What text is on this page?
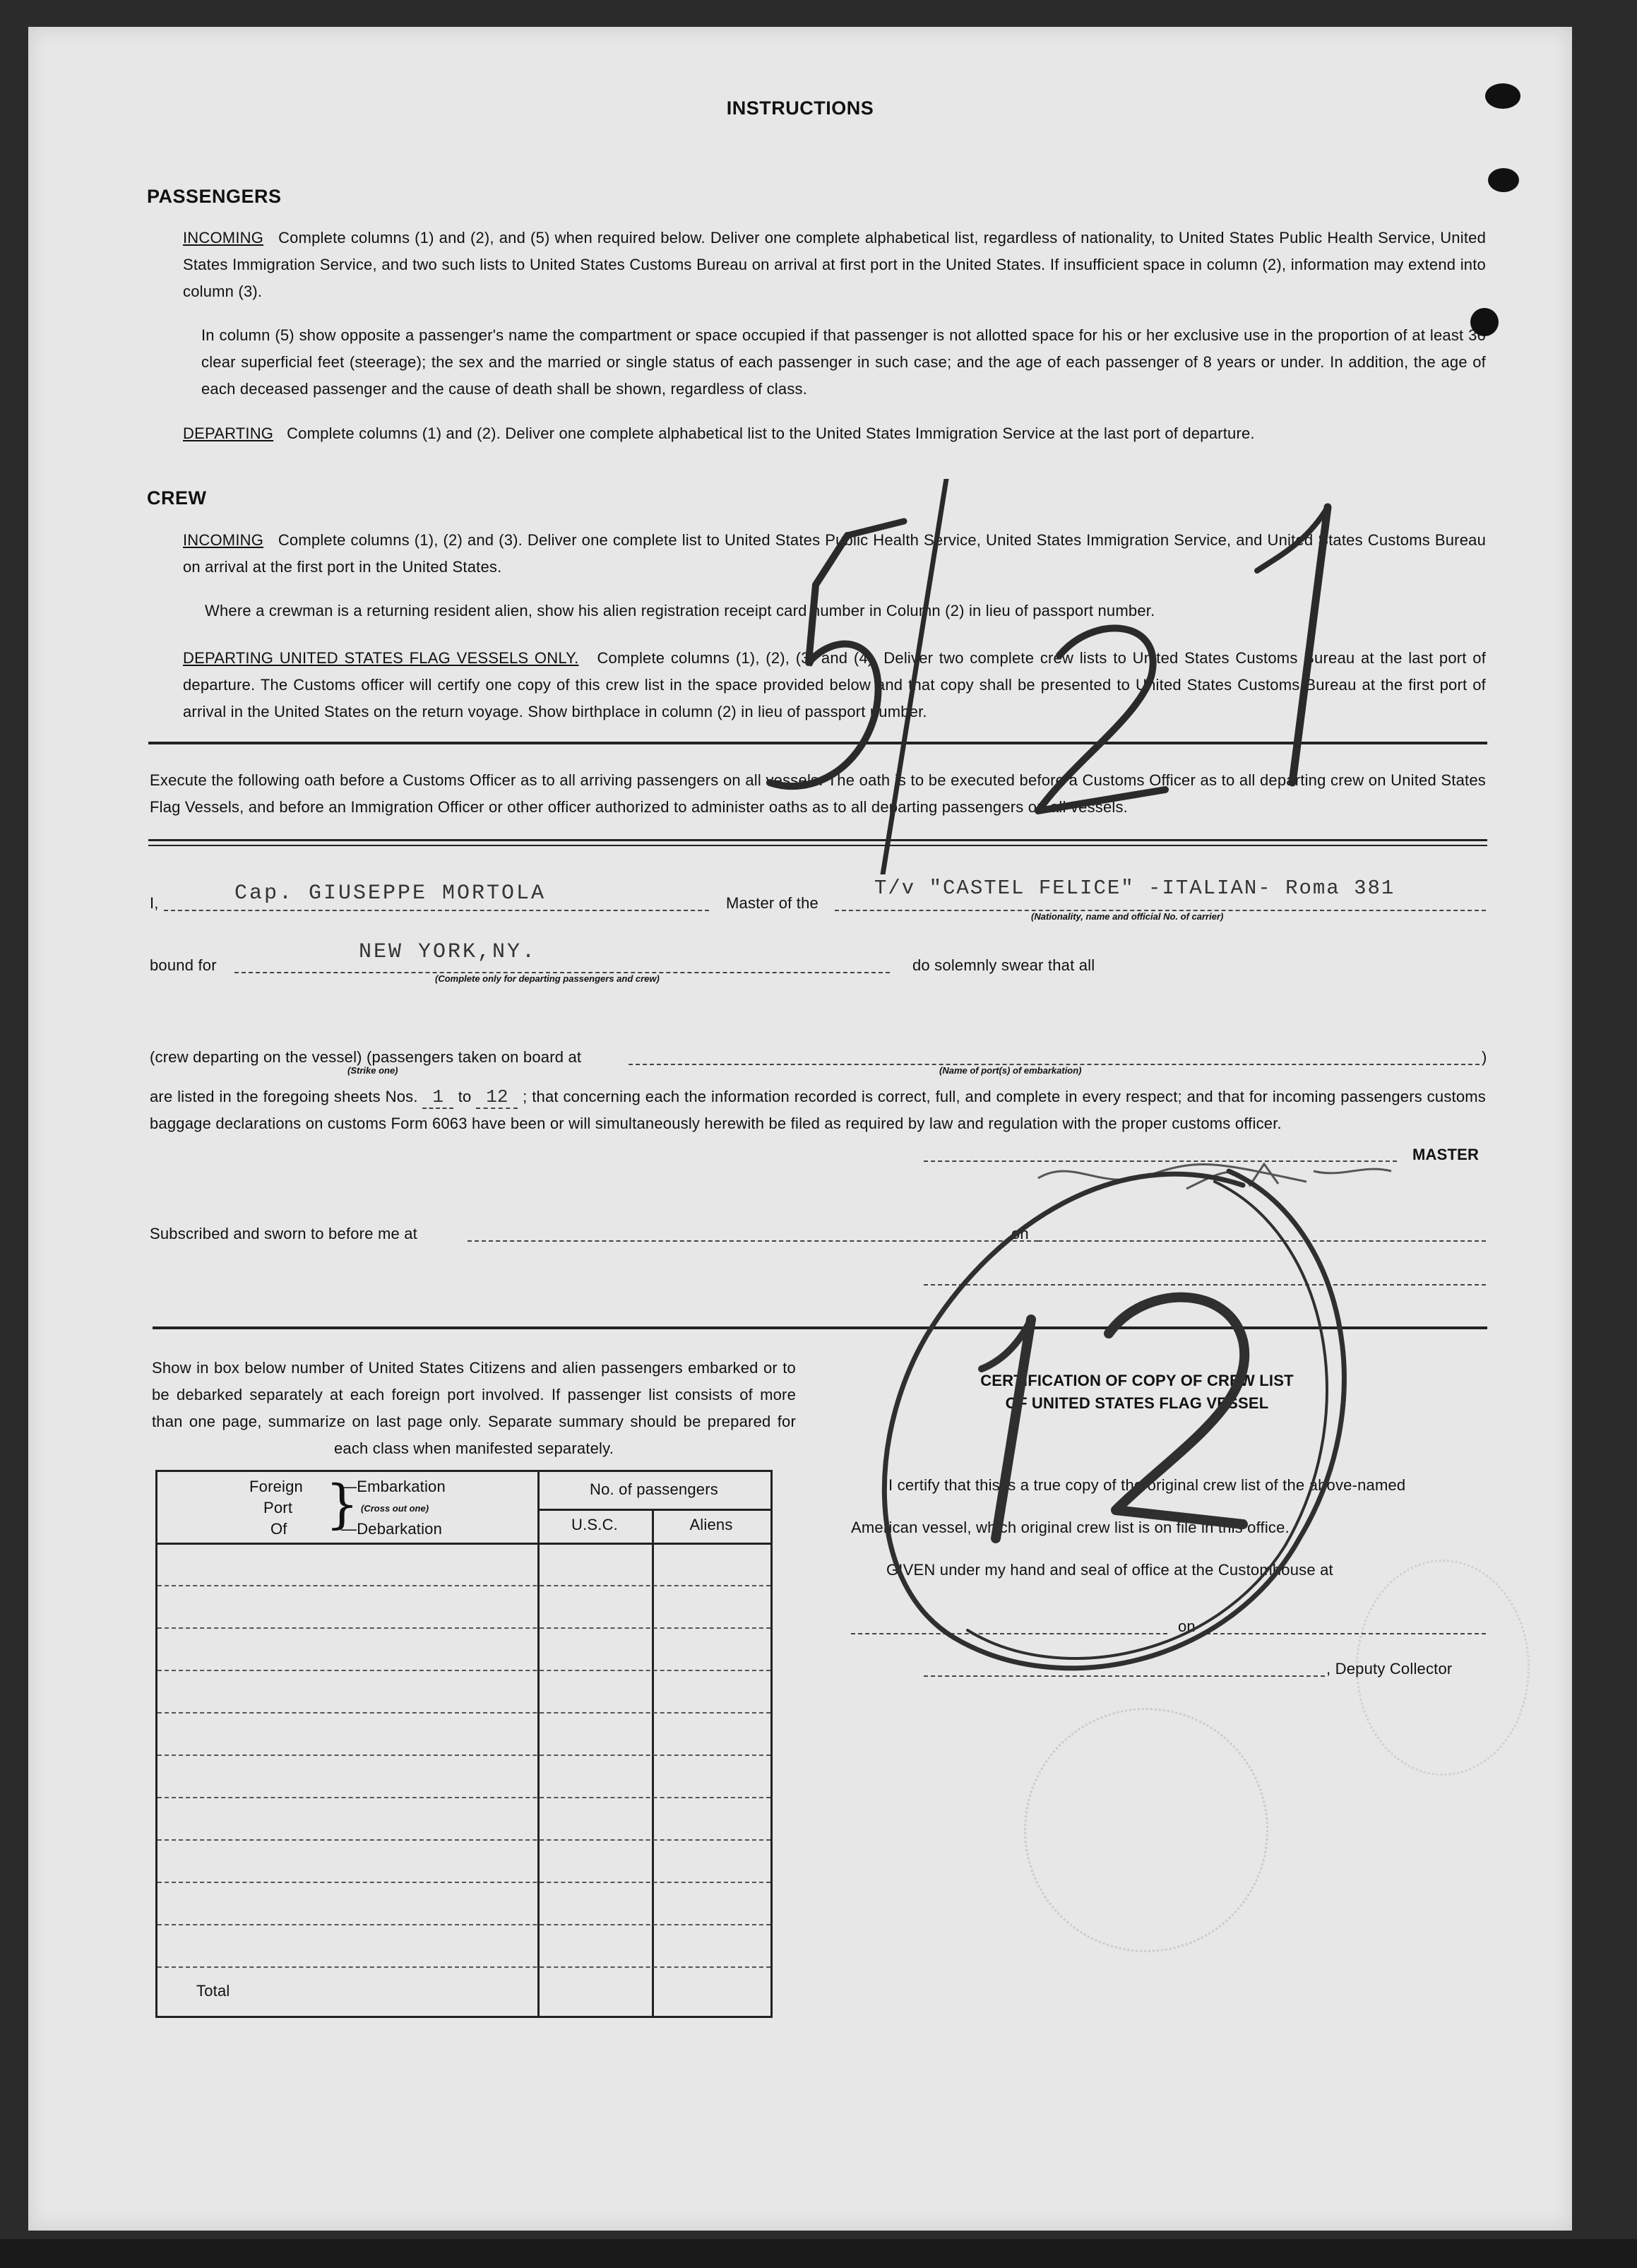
INSTRUCTIONS
PASSENGERS
INCOMING Complete columns (1) and (2), and (5) when required below. Deliver one complete alphabetical list, regardless of nationality, to United States Public Health Service, United States Immigration Service, and two such lists to United States Customs Bureau on arrival at first port in the United States. If insufficient space in column (2), information may extend into column (3).
In column (5) show opposite a passenger's name the compartment or space occupied if that passenger is not allotted space for his or her exclusive use in the proportion of at least 36 clear superficial feet (steerage); the sex and the married or single status of each passenger in such case; and the age of each passenger of 8 years or under. In addition, the age of each deceased passenger and the cause of death shall be shown, regardless of class.
DEPARTING Complete columns (1) and (2). Deliver one complete alphabetical list to the United States Immigration Service at the last port of departure.
CREW
INCOMING Complete columns (1), (2) and (3). Deliver one complete list to United States Public Health Service, United States Immigration Service, and United States Customs Bureau on arrival at the first port in the United States.
Where a crewman is a returning resident alien, show his alien registration receipt card number in Column (2) in lieu of passport number.
DEPARTING UNITED STATES FLAG VESSELS ONLY. Complete columns (1), (2), (3) and (4). Deliver two complete crew lists to United States Customs Bureau at the last port of departure. The Customs officer will certify one copy of this crew list in the space provided below and that copy shall be presented to United States Customs Bureau at the first port of arrival in the United States on the return voyage. Show birthplace in column (2) in lieu of passport number.
Execute the following oath before a Customs Officer as to all arriving passengers on all vessels. The oath is to be executed before a Customs Officer as to all departing crew on United States Flag Vessels, and before an Immigration Officer or other officer authorized to administer oaths as to all departing passengers on all vessels.
I,	Cap. GIUSEPPE MORTOLA	Master of the
T/v "CASTEL FELICE" -ITALIAN- Roma 381
(Nationality, name and official No. of carrier)
bound for
NEW YORK,NY.
(Complete only for departing passengers and crew)
do solemnly swear that all
(crew departing on the vessel) (passengers taken on board at	)
(Strike one)	(Name of port(s) of embarkation)
are listed in the foregoing sheets Nos. 1 to 12 ; that concerning each the information recorded is correct, full, and complete in every respect; and that for incoming passengers customs baggage declarations on customs Form 6063 have been or will simultaneously herewith be filed as required by law and regulation with the proper customs officer.
MASTER
Subscribed and sworn to before me at	on
Show in box below number of United States Citizens and alien passengers embarked or to be debarked separately at each foreign port involved. If passenger list consists of more than one page, summarize on last page only. Separate summary should be prepared for each class when manifested separately.
Foreign
Port
Of }
—Embarkation
(Cross out one)
—Debarkation
No. of passengers
U.S.C.	Aliens
Total
CERTIFICATION OF COPY OF CREW LIST
OF UNITED STATES FLAG VESSEL
I certify that this is a true copy of the original crew list of the above-named
American vessel, which original crew list is on file in this office.
GIVEN under my hand and seal of office at the Customhouse at
on
, Deputy Collector
